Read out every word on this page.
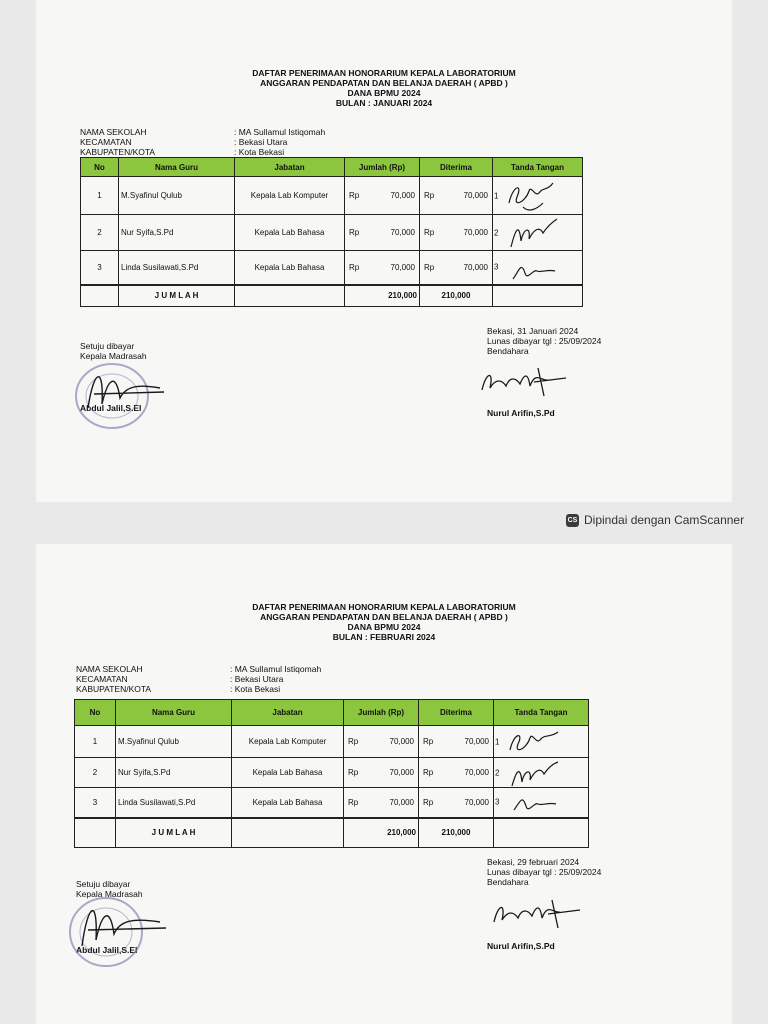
DAFTAR PENERIMAAN HONORARIUM KEPALA LABORATORIUM
ANGGARAN PENDAPATAN DAN BELANJA DAERAH ( APBD )
DANA BPMU 2024
BULAN : JANUARI 2024
NAMA SEKOLAH	: MA Sullamul Istiqomah
KECAMATAN	: Bekasi Utara
KABUPATEN/KOTA	: Kota Bekasi
No	Nama Guru	Jabatan	Jumlah (Rp)	Diterima	Tanda Tangan
1	M.Syafinul Qulub	Kepala Lab Komputer	Rp 70,000	Rp 70,000	1

2	Nur Syifa,S.Pd	Kepala Lab Bahasa	Rp 70,000	Rp 70,000	2

3	Linda Susilawati,S.Pd	Kepala Lab Bahasa	Rp 70,000	Rp 70,000	3

	J U M L A H		210,000	210,000	
Setuju dibayar
Kepala Madrasah
Abdul Jalil,S.EI
Bekasi, 31 Januari 2024
Lunas dibayar tgl : 25/09/2024
Bendahara
Nurul Arifin,S.Pd
CS Dipindai dengan CamScanner
DAFTAR PENERIMAAN HONORARIUM KEPALA LABORATORIUM
ANGGARAN PENDAPATAN DAN BELANJA DAERAH ( APBD )
DANA BPMU 2024
BULAN : FEBRUARI 2024
NAMA SEKOLAH	: MA Sullamul Istiqomah
KECAMATAN	: Bekasi Utara
KABUPATEN/KOTA	: Kota Bekasi
No	Nama Guru	Jabatan	Jumlah (Rp)	Diterima	Tanda Tangan
1	M.Syafinul Qulub	Kepala Lab Komputer	Rp 70,000	Rp 70,000	1

2	Nur Syifa,S.Pd	Kepala Lab Bahasa	Rp 70,000	Rp 70,000	2

3	Linda Susilawati,S.Pd	Kepala Lab Bahasa	Rp 70,000	Rp 70,000	3

	J U M L A H		210,000	210,000	
Setuju dibayar
Kepala Madrasah
Abdul Jalil,S.EI
Bekasi, 29 februari 2024
Lunas dibayar tgl : 25/09/2024
Bendahara
Nurul Arifin,S.Pd
